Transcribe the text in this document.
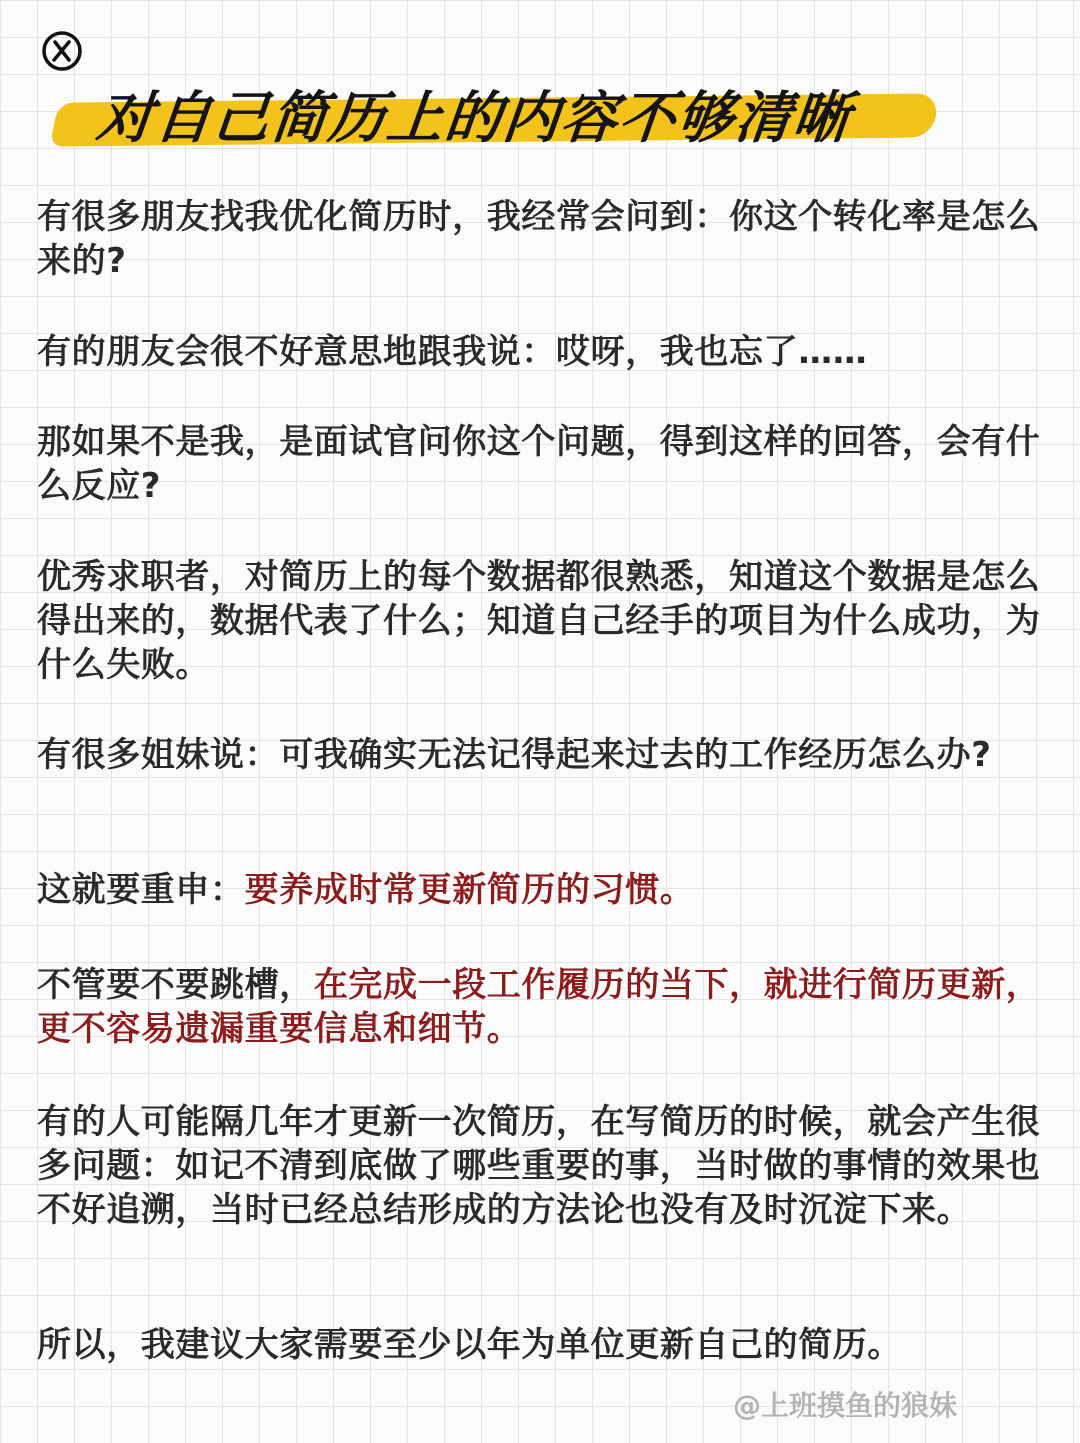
对自己简历上的内容不够清晰

有很多朋友找我优化简历时，我经常会问到：你这个转化率是怎么来的?

有的朋友会很不好意思地跟我说：哎呀，我也忘了……

那如果不是我，是面试官问你这个问题，得到这样的回答，会有什么反应?

优秀求职者，对简历上的每个数据都很熟悉，知道这个数据是怎么得出来的，数据代表了什么；知道自己经手的项目为什么成功，为什么失败。

有很多姐妹说：可我确实无法记得起来过去的工作经历怎么办?

这就要重申：要养成时常更新简历的习惯。

不管要不要跳槽，在完成一段工作履历的当下，就进行简历更新，更不容易遗漏重要信息和细节。

有的人可能隔几年才更新一次简历，在写简历的时候，就会产生很多问题：如记不清到底做了哪些重要的事，当时做的事情的效果也不好追溯，当时已经总结形成的方法论也没有及时沉淀下来。

所以，我建议大家需要至少以年为单位更新自己的简历。

@上班摸鱼的狼妹
